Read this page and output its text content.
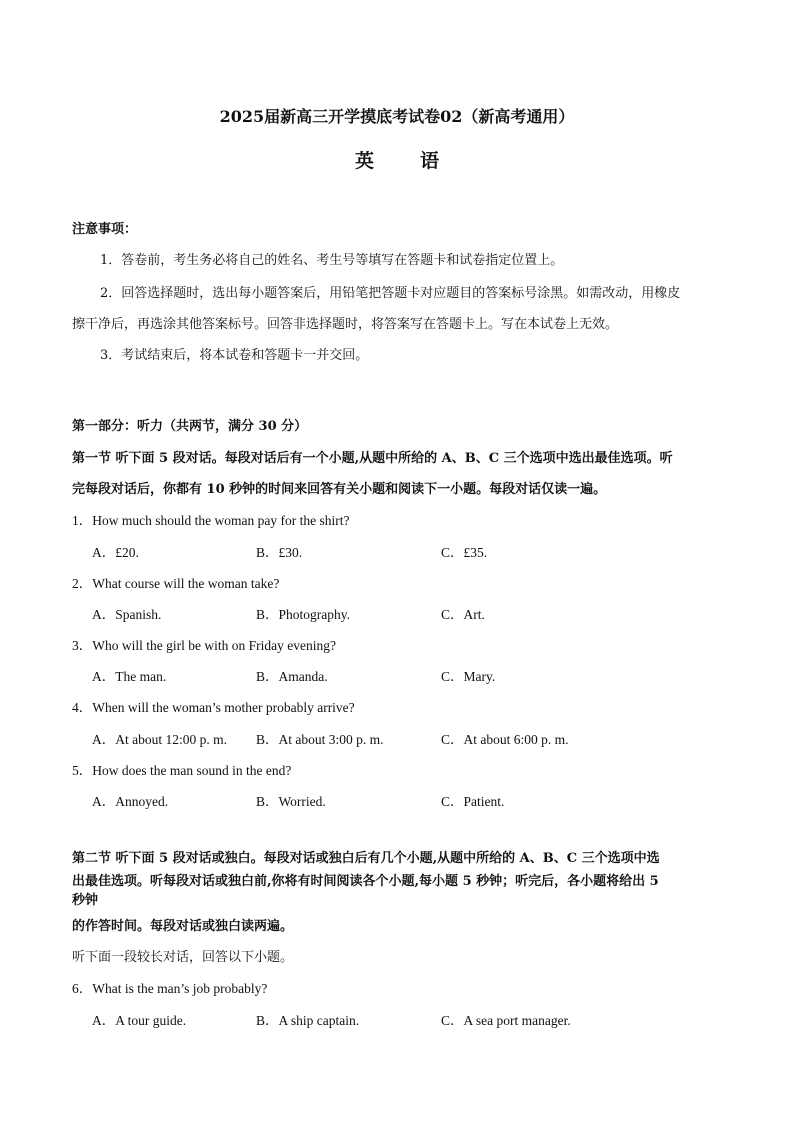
2025届新高三开学摸底考试卷02（新高考通用）
英语
注意事项：
1．答卷前，考生务必将自己的姓名、考生号等填写在答题卡和试卷指定位置上。
2．回答选择题时，选出每小题答案后，用铅笔把答题卡对应题目的答案标号涂黑。如需改动，用橡皮
擦干净后，再选涂其他答案标号。回答非选择题时，将答案写在答题卡上。写在本试卷上无效。
3．考试结束后，将本试卷和答题卡一并交回。
第一部分：听力（共两节，满分 30 分）
第一节 听下面 5 段对话。每段对话后有一个小题,从题中所给的 A、B、C 三个选项中选出最佳选项。听
完每段对话后，你都有 10 秒钟的时间来回答有关小题和阅读下一小题。每段对话仅读一遍。
1．How much should the woman pay for the shirt?
A．£20.	B．£30.	C．£35.
2．What course will the woman take?
A．Spanish.	B．Photography.	C．Art.
3．Who will the girl be with on Friday evening?
A．The man.	B．Amanda.	C．Mary.
4．When will the woman’s mother probably arrive?
A．At about 12:00 p. m. B．At about 3:00 p. m.	C．At about 6:00 p. m.
5．How does the man sound in the end?
A．Annoyed.	B．Worried.	C．Patient.
第二节 听下面 5 段对话或独白。每段对话或独白后有几个小题,从题中所给的 A、B、C 三个选项中选
出最佳选项。听每段对话或独白前,你将有时间阅读各个小题,每小题 5 秒钟；听完后，各小题将给出 5
秒钟
的作答时间。每段对话或独白读两遍。
听下面一段较长对话，回答以下小题。
6．What is the man’s job probably?
A．A tour guide.	B．A ship captain.	C．A sea port manager.
